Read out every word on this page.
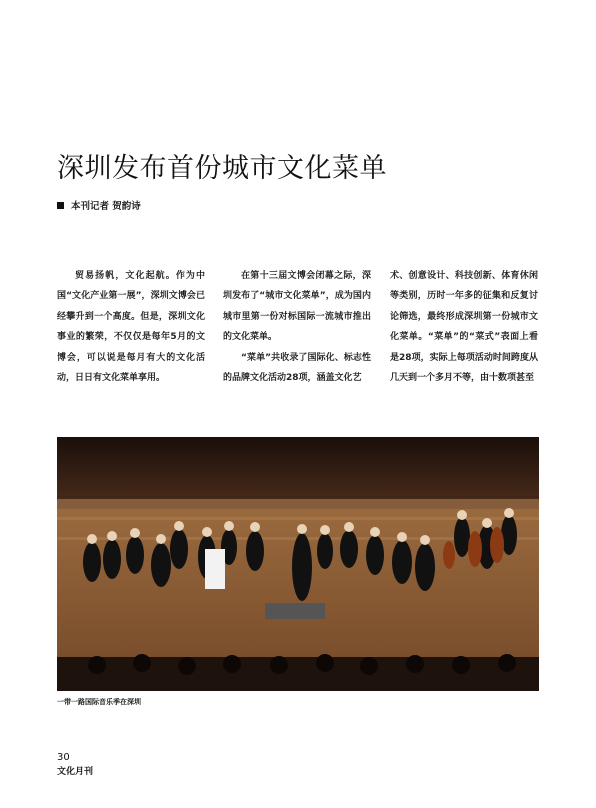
深圳发布首份城市文化菜单
本刊记者 贺韵诗

贸易扬帆，文化起航。作为中国“文化产业第一展”，深圳文博会已经攀升到一个高度。但是，深圳文化事业的繁荣，不仅仅是每年5月的文博会，可以说是每月有大的文化活动，日日有文化菜单享用。

在第十三届文博会闭幕之际，深圳发布了“城市文化菜单”，成为国内城市里第一份对标国际一流城市推出的文化菜单。

“菜单”共收录了国际化、标志性的品牌文化活动28项，涵盖文化艺

术、创意设计、科技创新、体育休闲等类别，历时一年多的征集和反复讨论筛选，最终形成深圳第一份城市文化菜单。“菜单”的“菜式”表面上看是28项，实际上每项活动时间跨度从几天到一个多月不等，由十数项甚至

一带一路国际音乐季在深圳
30
文化月刊
